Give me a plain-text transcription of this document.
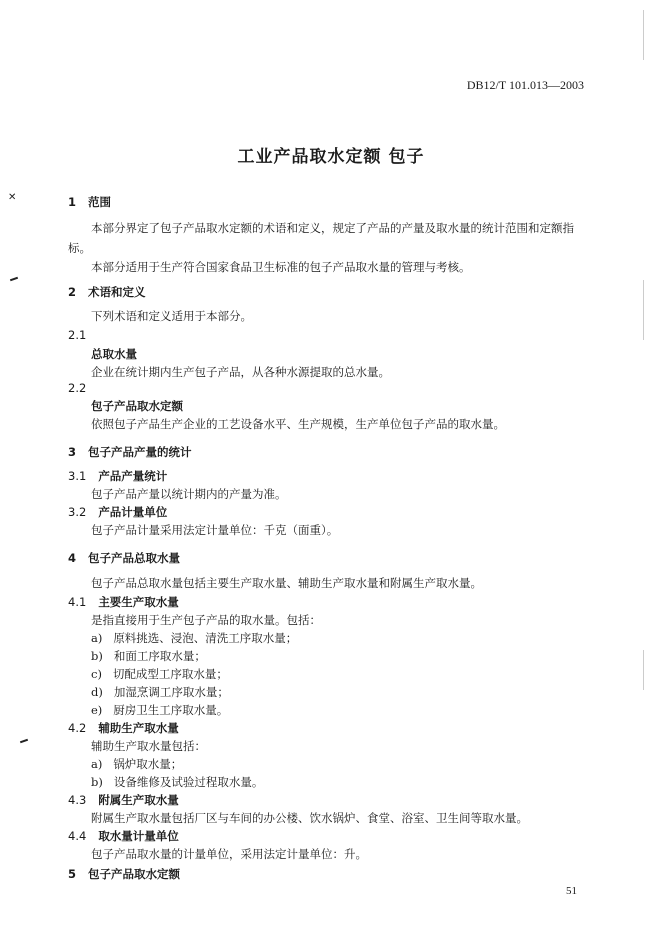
DB12/T 101.013—2003
工业产品取水定额 包子
✕	1 范围
本部分界定了包子产品取水定额的术语和定义，规定了产品的产量及取水量的统计范围和定额指标。
本部分适用于生产符合国家食品卫生标准的包子产品取水量的管理与考核。
2 术语和定义
下列术语和定义适用于本部分。
2.1
总取水量
企业在统计期内生产包子产品，从各种水源提取的总水量。
2.2
包子产品取水定额
依照包子产品生产企业的工艺设备水平、生产规模，生产单位包子产品的取水量。
3 包子产品产量的统计
3.1 产品产量统计
包子产品产量以统计期内的产量为准。
3.2 产品计量单位
包子产品计量采用法定计量单位：千克（面重）。
4 包子产品总取水量
包子产品总取水量包括主要生产取水量、辅助生产取水量和附属生产取水量。
4.1 主要生产取水量
是指直接用于生产包子产品的取水量。包括：
a) 原料挑选、浸泡、清洗工序取水量；
b) 和面工序取水量；
c) 切配成型工序取水量；
d) 加湿烹调工序取水量；
e) 厨房卫生工序取水量。
4.2 辅助生产取水量
辅助生产取水量包括：
a) 锅炉取水量；
b) 设备维修及试验过程取水量。
4.3 附属生产取水量
附属生产取水量包括厂区与车间的办公楼、饮水锅炉、食堂、浴室、卫生间等取水量。
4.4 取水量计量单位
包子产品取水量的计量单位，采用法定计量单位：升。
5 包子产品取水定额
51
